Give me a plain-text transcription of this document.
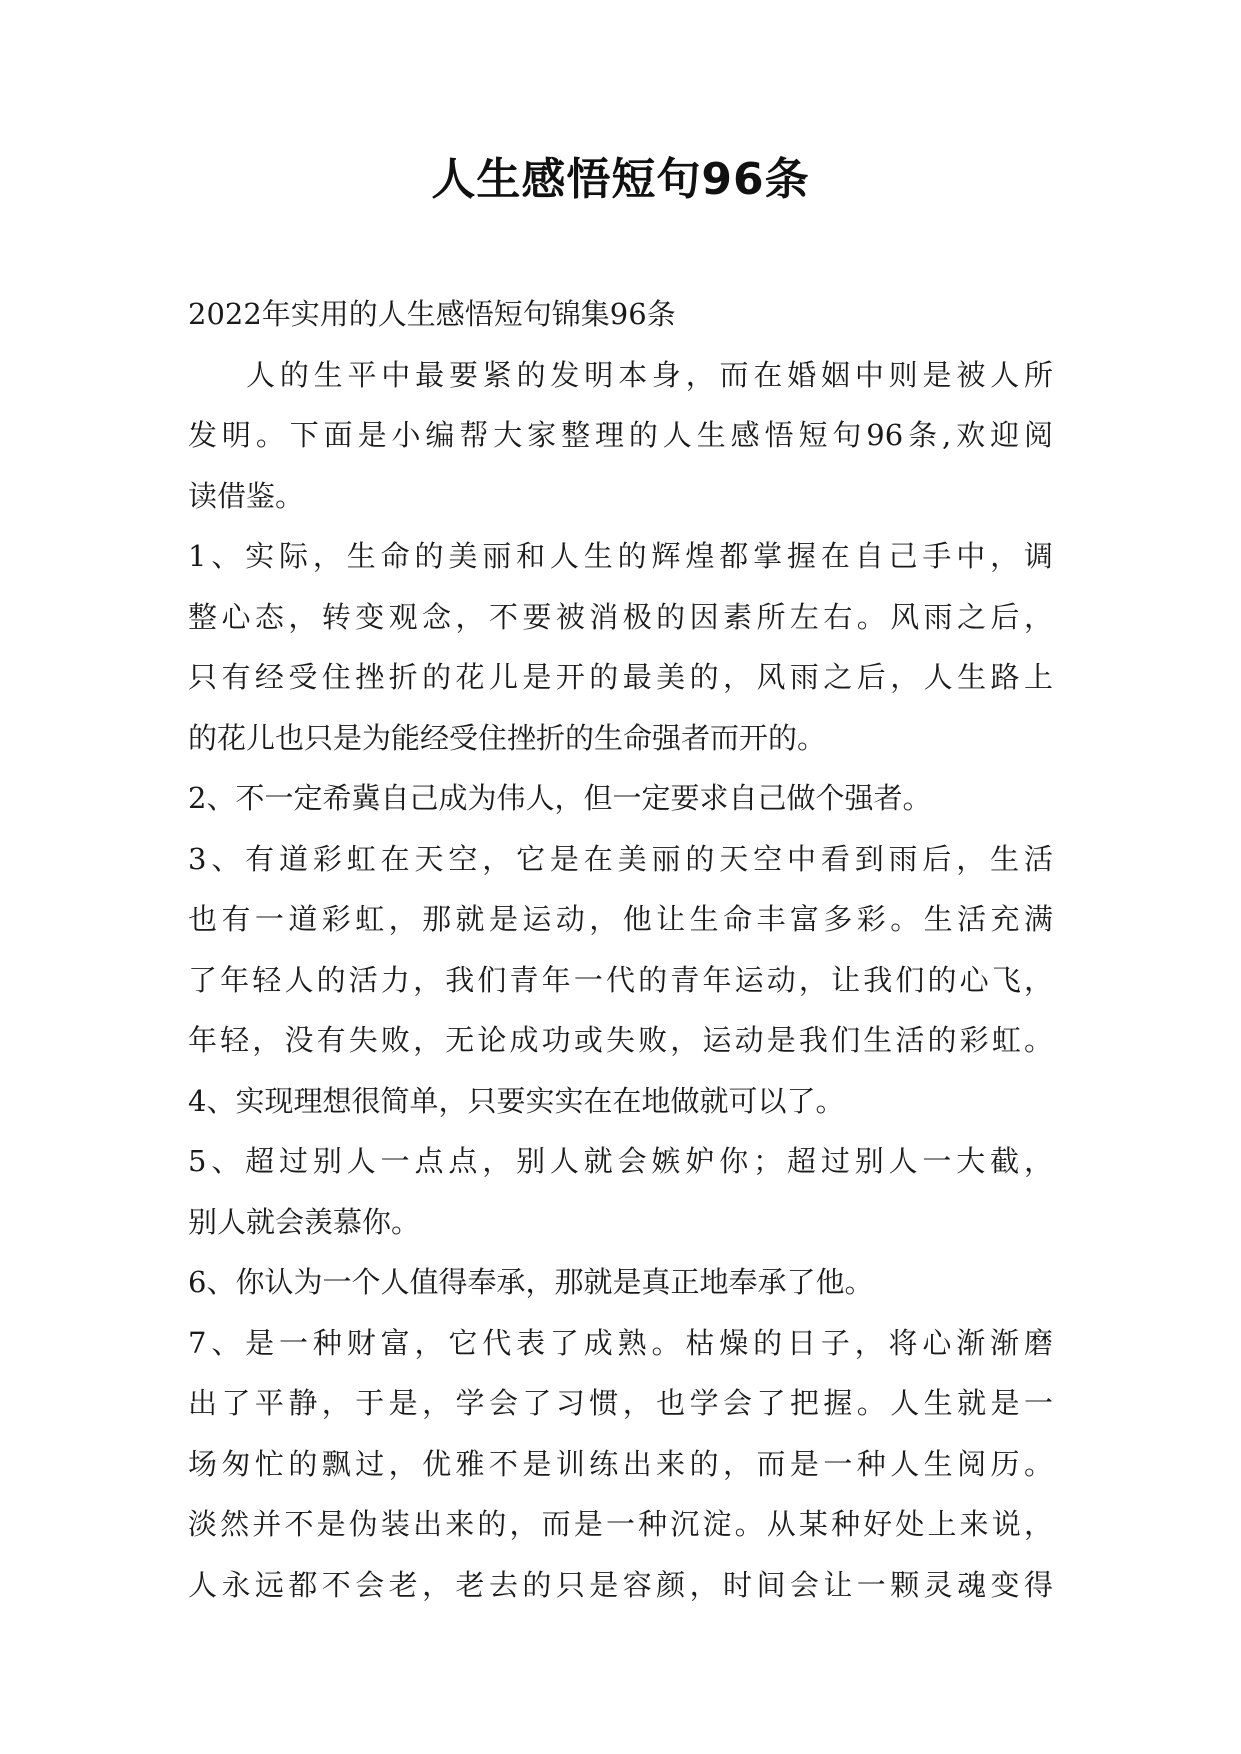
人生感悟短句96条
2022年实用的人生感悟短句锦集96条
人的生平中最要紧的发明本身，而在婚姻中则是被人所
发明。下面是小编帮大家整理的人生感悟短句96条,欢迎阅
读借鉴。
1、实际，生命的美丽和人生的辉煌都掌握在自己手中，调
整心态，转变观念，不要被消极的因素所左右。风雨之后，
只有经受住挫折的花儿是开的最美的，风雨之后，人生路上
的花儿也只是为能经受住挫折的生命强者而开的。
2、不一定希冀自己成为伟人，但一定要求自己做个强者。
3、有道彩虹在天空，它是在美丽的天空中看到雨后，生活
也有一道彩虹，那就是运动，他让生命丰富多彩。生活充满
了年轻人的活力，我们青年一代的青年运动，让我们的心飞，
年轻，没有失败，无论成功或失败，运动是我们生活的彩虹。
4、实现理想很简单，只要实实在在地做就可以了。
5、超过别人一点点，别人就会嫉妒你；超过别人一大截，
别人就会羡慕你。
6、你认为一个人值得奉承，那就是真正地奉承了他。
7、是一种财富，它代表了成熟。枯燥的日子，将心渐渐磨
出了平静，于是，学会了习惯，也学会了把握。人生就是一
场匆忙的飘过，优雅不是训练出来的，而是一种人生阅历。
淡然并不是伪装出来的，而是一种沉淀。从某种好处上来说，
人永远都不会老，老去的只是容颜，时间会让一颗灵魂变得
